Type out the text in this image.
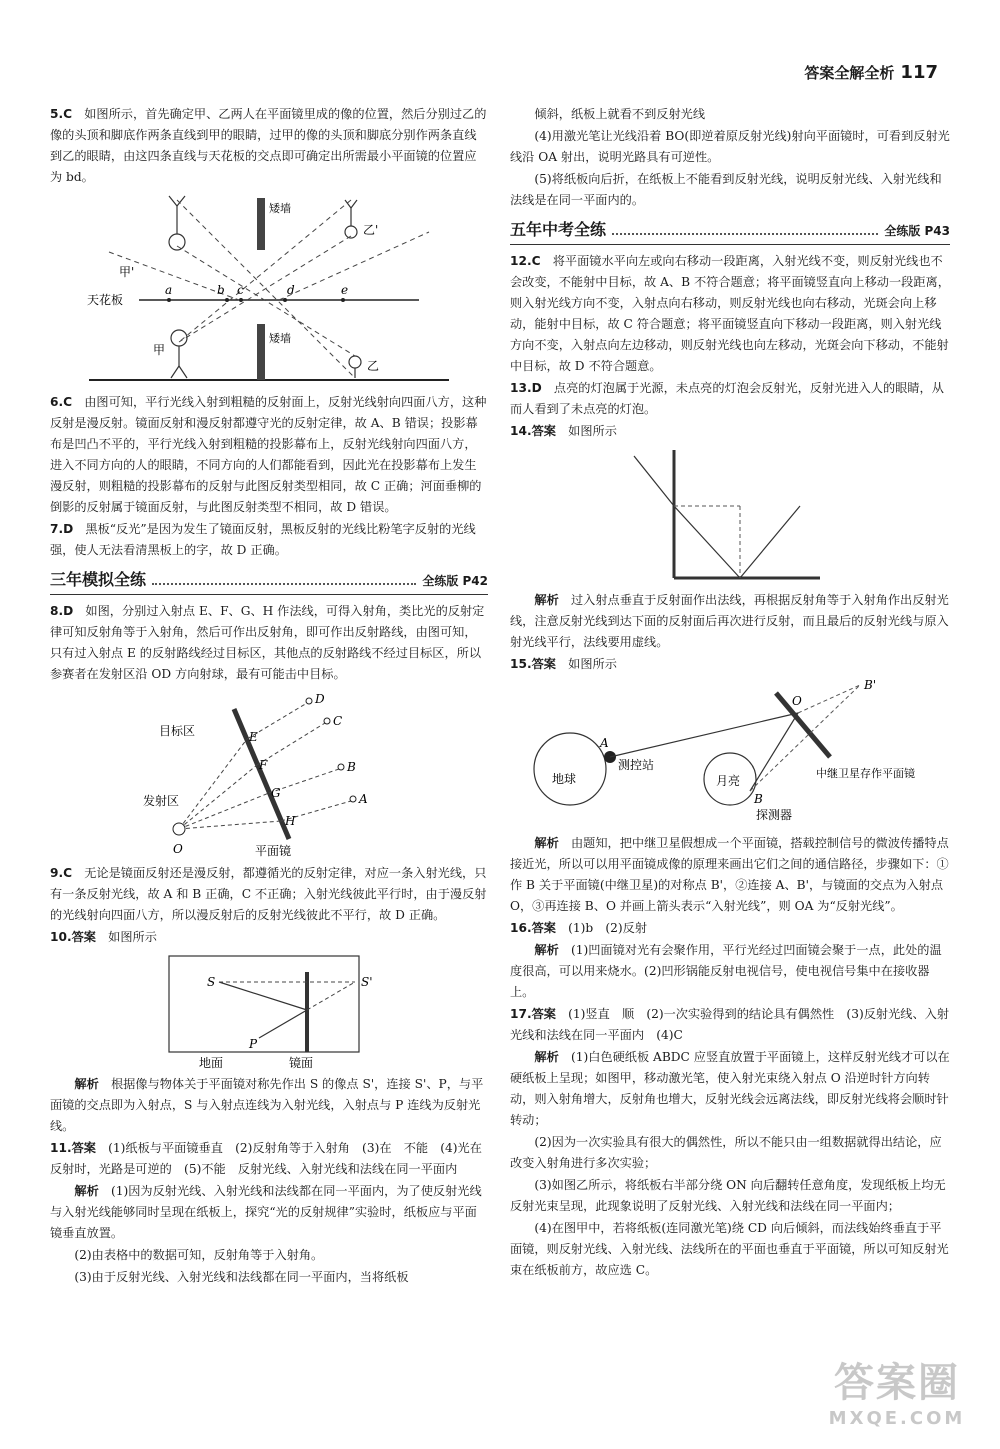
答案全解全析 117
5.C　 如图所示，首先确定甲、乙两人在平面镜里成的像的位置，然后分别过乙的像的头顶和脚底作两条直线到甲的眼睛，过甲的像的头顶和脚底分别作两条直线到乙的眼睛，由这四条直线与天花板的交点即可确定出所需最小平面镜的位置应为 bd。
天花板
矮墙
矮墙
a	b c	d	e
甲'
乙'
甲
乙
6.C　 由图可知，平行光线入射到粗糙的反射面上，反射光线射向四面八方，这种反射是漫反射。镜面反射和漫反射都遵守光的反射定律，故 A、B 错误；投影幕布是凹凸不平的，平行光线入射到粗糙的投影幕布上，反射光线射向四面八方，进入不同方向的人的眼睛，不同方向的人们都能看到，因此光在投影幕布上发生漫反射，则粗糙的投影幕布的反射与此图反射类型相同，故 C 正确；河面垂柳的倒影的反射属于镜面反射，与此图反射类型不相同，故 D 错误。
7.D　 黑板“反光”是因为发生了镜面反射，黑板反射的光线比粉笔字反射的光线强，使人无法看清黑板上的字，故 D 正确。
三年模拟全练	全练版 P42
8.D　 如图，分别过入射点 E、F、G、H 作法线，可得入射角，类比光的反射定律可知反射角等于入射角，然后可作出反射角，即可作出反射路线，由图可知，只有过入射点 E 的反射路线经过目标区，其他点的反射路线不经过目标区，所以参赛者在发射区沿 OD 方向射球，最有可能击中目标。
D
C
B
A
E
F
G
H
O
目标区
发射区
平面镜
9.C　 无论是镜面反射还是漫反射，都遵循光的反射定律，对应一条入射光线，只有一条反射光线，故 A 和 B 正确，C 不正确；入射光线彼此平行时，由于漫反射的光线射向四面八方，所以漫反射后的反射光线彼此不平行，故 D 正确。
10.答案　 如图所示
S	S'
P
地面	镜面
解析　 根据像与物体关于平面镜对称先作出 S 的像点 S'，连接 S'、P，与平面镜的交点即为入射点，S 与入射点连线为入射光线，入射点与 P 连线为反射光线。
11.答案　 (1)纸板与平面镜垂直　(2)反射角等于入射角　(3)在　不能　(4)光在反射时，光路是可逆的　(5)不能　反射光线、入射光线和法线在同一平面内
解析　 (1)因为反射光线、入射光线和法线都在同一平面内，为了使反射光线与入射光线能够同时呈现在纸板上，探究“光的反射规律”实验时，纸板应与平面镜垂直放置。
(2)由表格中的数据可知，反射角等于入射角。
(3)由于反射光线、入射光线和法线都在同一平面内，当将纸板
倾斜，纸板上就看不到反射光线
(4)用激光笔让光线沿着 BO(即逆着原反射光线)射向平面镜时，可看到反射光线沿 OA 射出，说明光路具有可逆性。
(5)将纸板向后折，在纸板上不能看到反射光线，说明反射光线、入射光线和法线是在同一平面内的。
五年中考全练	全练版 P43
12.C　 将平面镜水平向左或向右移动一段距离，入射光线不变，则反射光线也不会改变，不能射中目标，故 A、B 不符合题意；将平面镜竖直向上移动一段距离，则入射光线方向不变，入射点向右移动，则反射光线也向右移动，光斑会向上移动，能射中目标，故 C 符合题意；将平面镜竖直向下移动一段距离，则入射光线方向不变，入射点向左边移动，则反射光线也向左移动，光斑会向下移动，不能射中目标，故 D 不符合题意。
13.D　 点亮的灯泡属于光源，未点亮的灯泡会反射光，反射光进入人的眼睛，从而人看到了未点亮的灯泡。
14.答案　 如图所示
解析　 过入射点垂直于反射面作出法线，再根据反射角等于入射角作出反射光线，注意反射光线到达下面的反射面后再次进行反射，而且最后的反射光线与原入射光线平行，法线要用虚线。
15.答案　 如图所示
B'
O
A
测控站
地球	月亮
B
探测器
中继卫星存作平面镜
解析　 由题知，把中继卫星假想成一个平面镜，搭载控制信号的微波传播特点接近光，所以可以用平面镜成像的原理来画出它们之间的通信路径，步骤如下：①作 B 关于平面镜(中继卫星)的对称点 B'，②连接 A、B'，与镜面的交点为入射点 O，③再连接 B、O 并画上箭头表示“入射光线”，则 OA 为“反射光线”。
16.答案　 (1)b　(2)反射
解析　 (1)凹面镜对光有会聚作用，平行光经过凹面镜会聚于一点，此处的温度很高，可以用来烧水。(2)凹形锅能反射电视信号，使电视信号集中在接收器上。
17.答案　 (1)竖直　顺　(2)一次实验得到的结论具有偶然性　(3)反射光线、入射光线和法线在同一平面内　(4)C
解析　 (1)白色硬纸板 ABDC 应竖直放置于平面镜上，这样反射光线才可以在硬纸板上呈现；如图甲，移动激光笔，使入射光束绕入射点 O 沿逆时针方向转动，则入射角增大，反射角也增大，反射光线会远离法线，即反射光线将会顺时针转动；
(2)因为一次实验具有很大的偶然性，所以不能只由一组数据就得出结论，应改变入射角进行多次实验；
(3)如图乙所示，将纸板右半部分绕 ON 向后翻转任意角度，发现纸板上均无反射光束呈现，此现象说明了反射光线、入射光线和法线在同一平面内；
(4)在图甲中，若将纸板(连同激光笔)绕 CD 向后倾斜，而法线始终垂直于平面镜，则反射光线、入射光线、法线所在的平面也垂直于平面镜，所以可知反射光束在纸板前方，故应选 C。
答案圈
MXQE.COM
